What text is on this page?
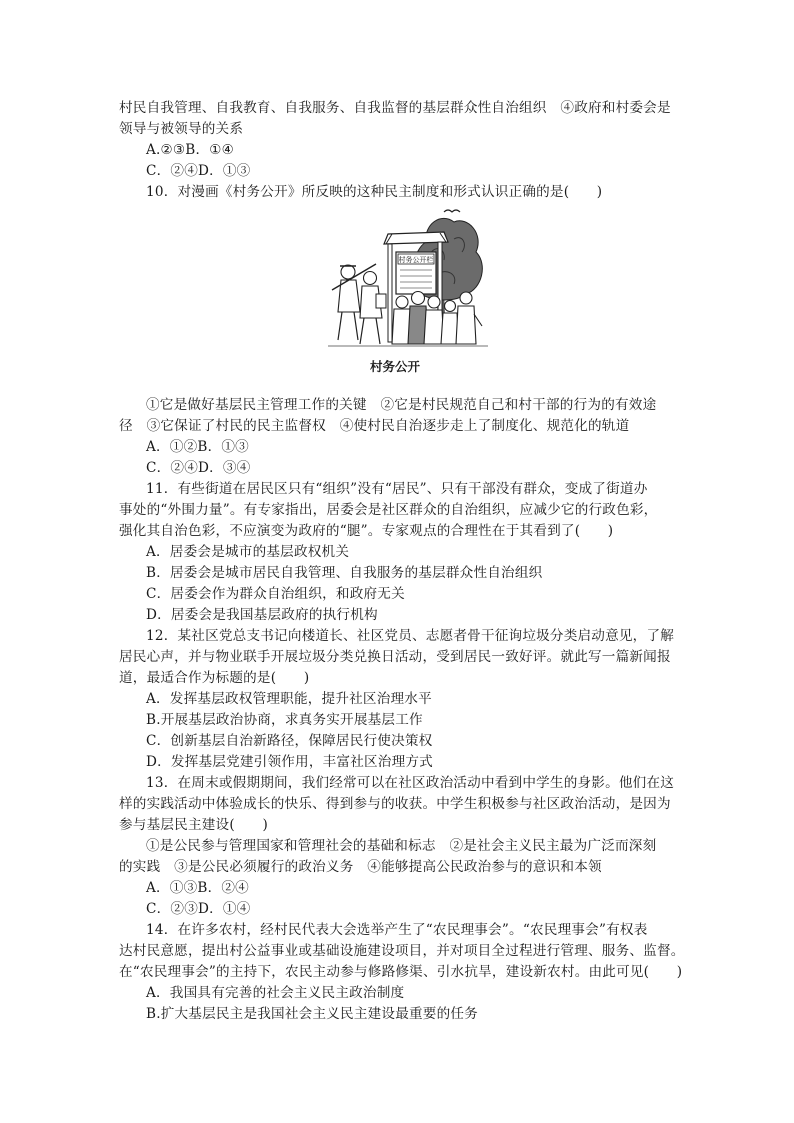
村民自我管理、自我教育、自我服务、自我监督的基层群众性自治组织　④政府和村委会是
领导与被领导的关系
A.②③B．①④
C．②④D．①③
10．对漫画《村务公开》所反映的这种民主制度和形式认识正确的是(　　)
村务公开栏
村务公开
①它是做好基层民主管理工作的关键　②它是村民规范自己和村干部的行为的有效途
径　③它保证了村民的民主监督权　④使村民自治逐步走上了制度化、规范化的轨道
A．①②B．①③
C．②④D．③④
11．有些街道在居民区只有“组织”没有“居民”、只有干部没有群众，变成了街道办
事处的“外围力量”。有专家指出，居委会是社区群众的自治组织，应减少它的行政色彩，
强化其自治色彩，不应演变为政府的“腿”。专家观点的合理性在于其看到了(　　)
A．居委会是城市的基层政权机关
B．居委会是城市居民自我管理、自我服务的基层群众性自治组织
C．居委会作为群众自治组织，和政府无关
D．居委会是我国基层政府的执行机构
12．某社区党总支书记向楼道长、社区党员、志愿者骨干征询垃圾分类启动意见，了解
居民心声，并与物业联手开展垃圾分类兑换日活动，受到居民一致好评。就此写一篇新闻报
道，最适合作为标题的是(　　)
A．发挥基层政权管理职能，提升社区治理水平
B.开展基层政治协商，求真务实开展基层工作
C．创新基层自治新路径，保障居民行使决策权
D．发挥基层党建引领作用，丰富社区治理方式
13．在周末或假期期间，我们经常可以在社区政治活动中看到中学生的身影。他们在这
样的实践活动中体验成长的快乐、得到参与的收获。中学生积极参与社区政治活动，是因为
参与基层民主建设(　　)
①是公民参与管理国家和管理社会的基础和标志　②是社会主义民主最为广泛而深刻
的实践　③是公民必须履行的政治义务　④能够提高公民政治参与的意识和本领
A．①③B．②④
C．②③D．①④
14．在许多农村，经村民代表大会选举产生了“农民理事会”。“农民理事会”有权表
达村民意愿，提出村公益事业或基础设施建设项目，并对项目全过程进行管理、服务、监督。
在“农民理事会”的主持下，农民主动参与修路修渠、引水抗旱，建设新农村。由此可见(　　)
A．我国具有完善的社会主义民主政治制度
B.扩大基层民主是我国社会主义民主建设最重要的任务
